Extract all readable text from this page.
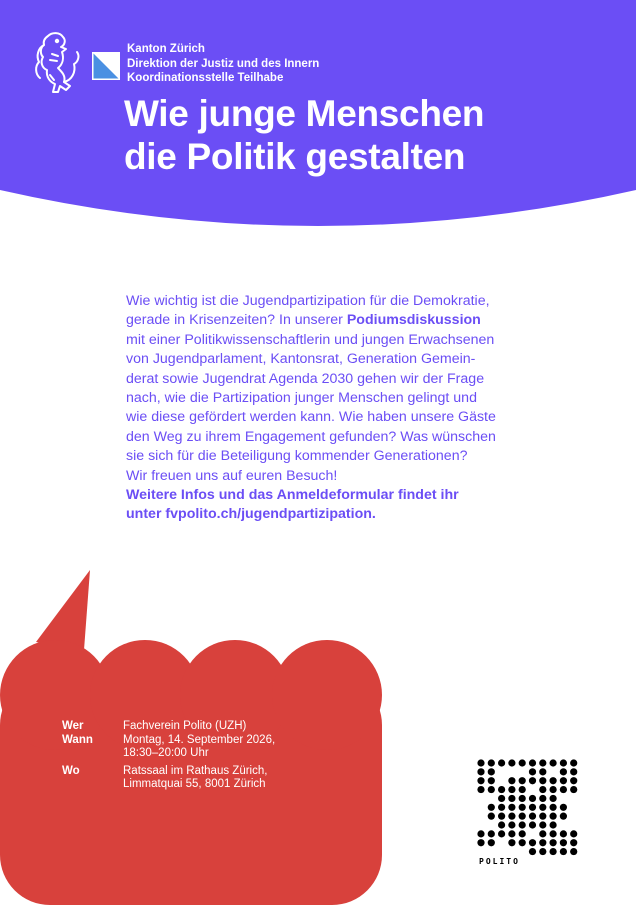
Kanton Zürich
Direktion der Justiz und des Innern
Koordinationsstelle Teilhabe
Wie junge Menschen
die Politik gestalten
Wie wichtig ist die Jugendpartizipation für die Demokratie,
gerade in Krisenzeiten? In unserer Podiumsdiskussion
mit einer Politikwissenschaftlerin und jungen Erwachsenen
von Jugendparlament, Kantonsrat, Generation Gemein-
derat sowie Jugendrat Agenda 2030 gehen wir der Frage
nach, wie die Partizipation junger Menschen gelingt und
wie diese gefördert werden kann. Wie haben unsere Gäste
den Weg zu ihrem Engagement gefunden? Was wünschen
sie sich für die Beteiligung kommender Generationen?
Wir freuen uns auf euren Besuch!
Weitere Infos und das Anmeldeformular findet ihr
unter fvpolito.ch/jugendpartizipation.
Wer	Fachverein Polito (UZH)
Wann	Montag, 14. September 2026,
18:30–20:00 Uhr
Wo	Ratssaal im Rathaus Zürich,
Limmatquai 55, 8001 Zürich
POLITO
